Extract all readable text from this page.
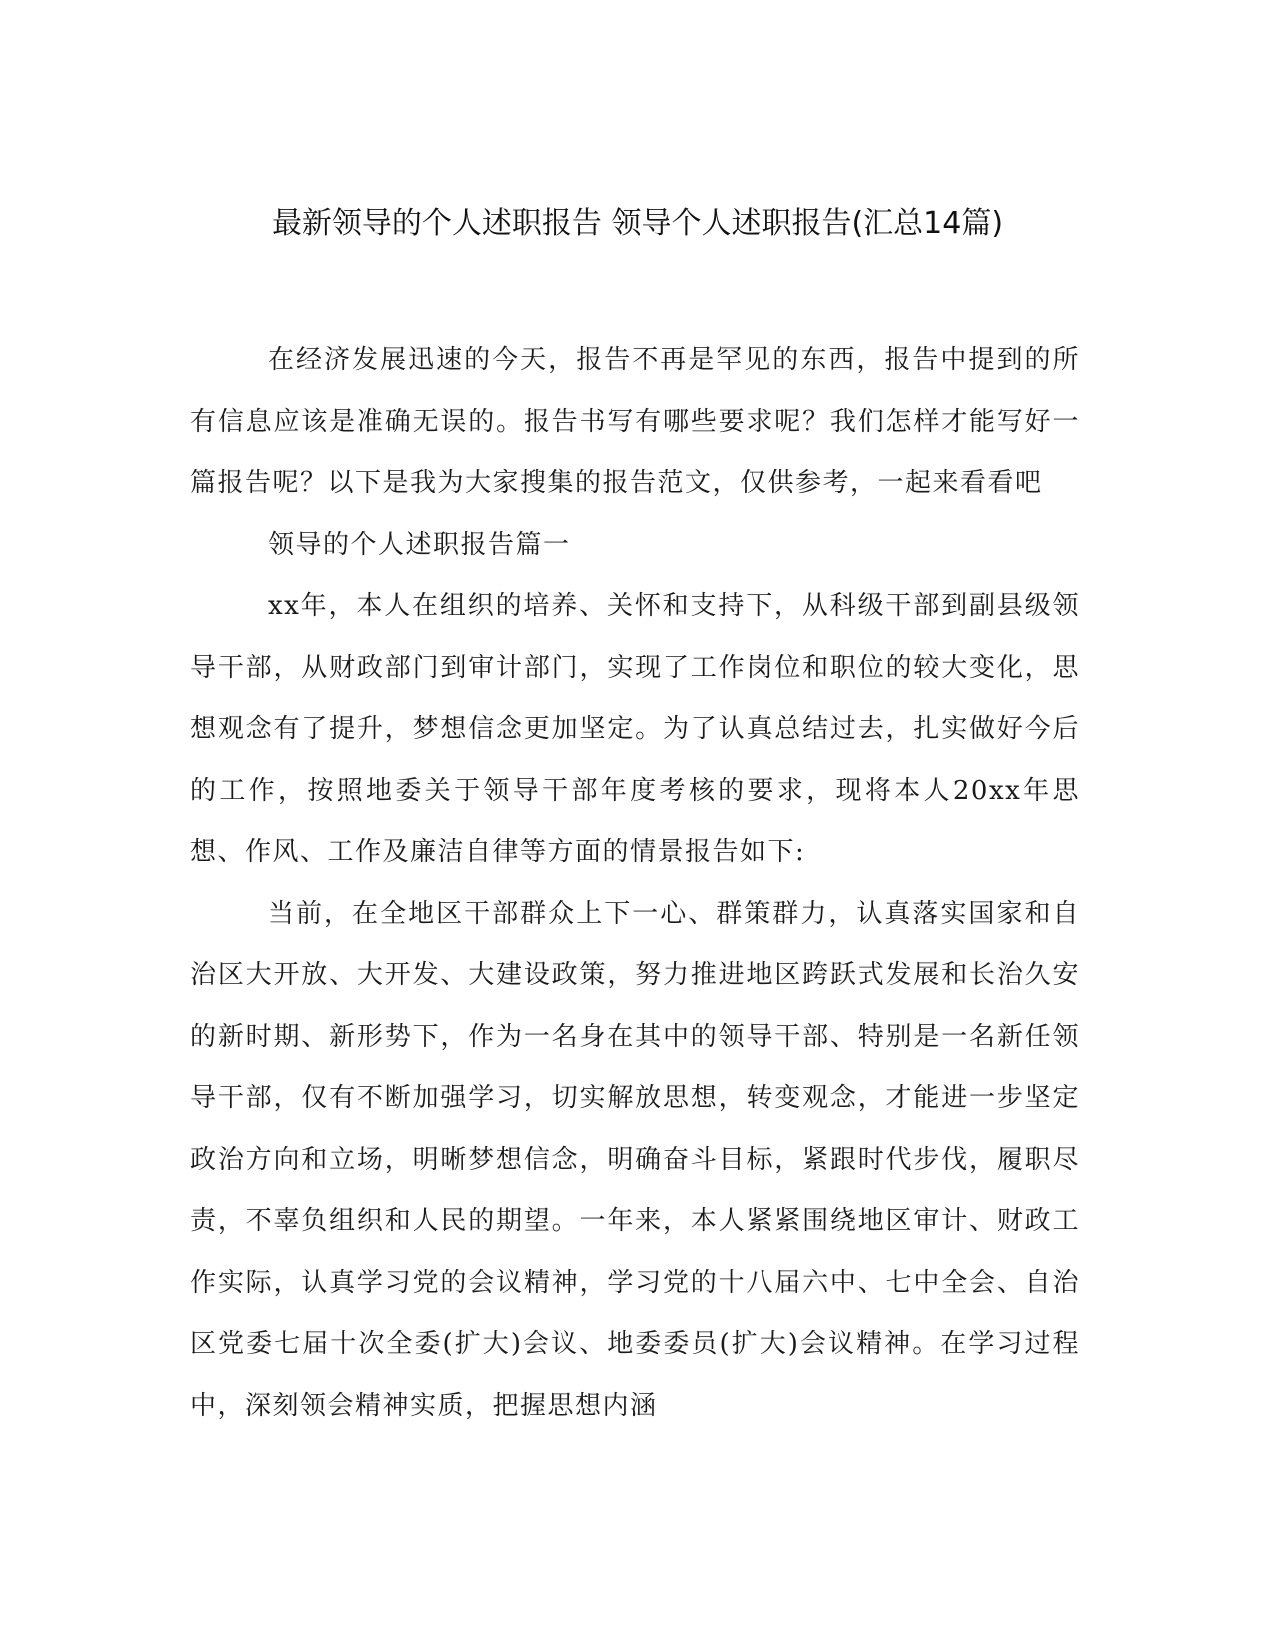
最新领导的个人述职报告 领导个人述职报告(汇总14篇)

在经济发展迅速的今天，报告不再是罕见的东西，报告中提到的所有信息应该是准确无误的。报告书写有哪些要求呢？我们怎样才能写好一篇报告呢？以下是我为大家搜集的报告范文，仅供参考，一起来看看吧

领导的个人述职报告篇一

xx年，本人在组织的培养、关怀和支持下，从科级干部到副县级领导干部，从财政部门到审计部门，实现了工作岗位和职位的较大变化，思想观念有了提升，梦想信念更加坚定。为了认真总结过去，扎实做好今后的工作，按照地委关于领导干部年度考核的要求，现将本人20xx年思想、作风、工作及廉洁自律等方面的情景报告如下:

当前，在全地区干部群众上下一心、群策群力，认真落实国家和自治区大开放、大开发、大建设政策，努力推进地区跨跃式发展和长治久安的新时期、新形势下，作为一名身在其中的领导干部、特别是一名新任领导干部，仅有不断加强学习，切实解放思想，转变观念，才能进一步坚定政治方向和立场，明晰梦想信念，明确奋斗目标，紧跟时代步伐，履职尽责，不辜负组织和人民的期望。一年来，本人紧紧围绕地区审计、财政工作实际，认真学习党的会议精神，学习党的十八届六中、七中全会、自治区党委七届十次全委(扩大)会议、地委委员(扩大)会议精神。在学习过程中，深刻领会精神实质，把握思想内涵
